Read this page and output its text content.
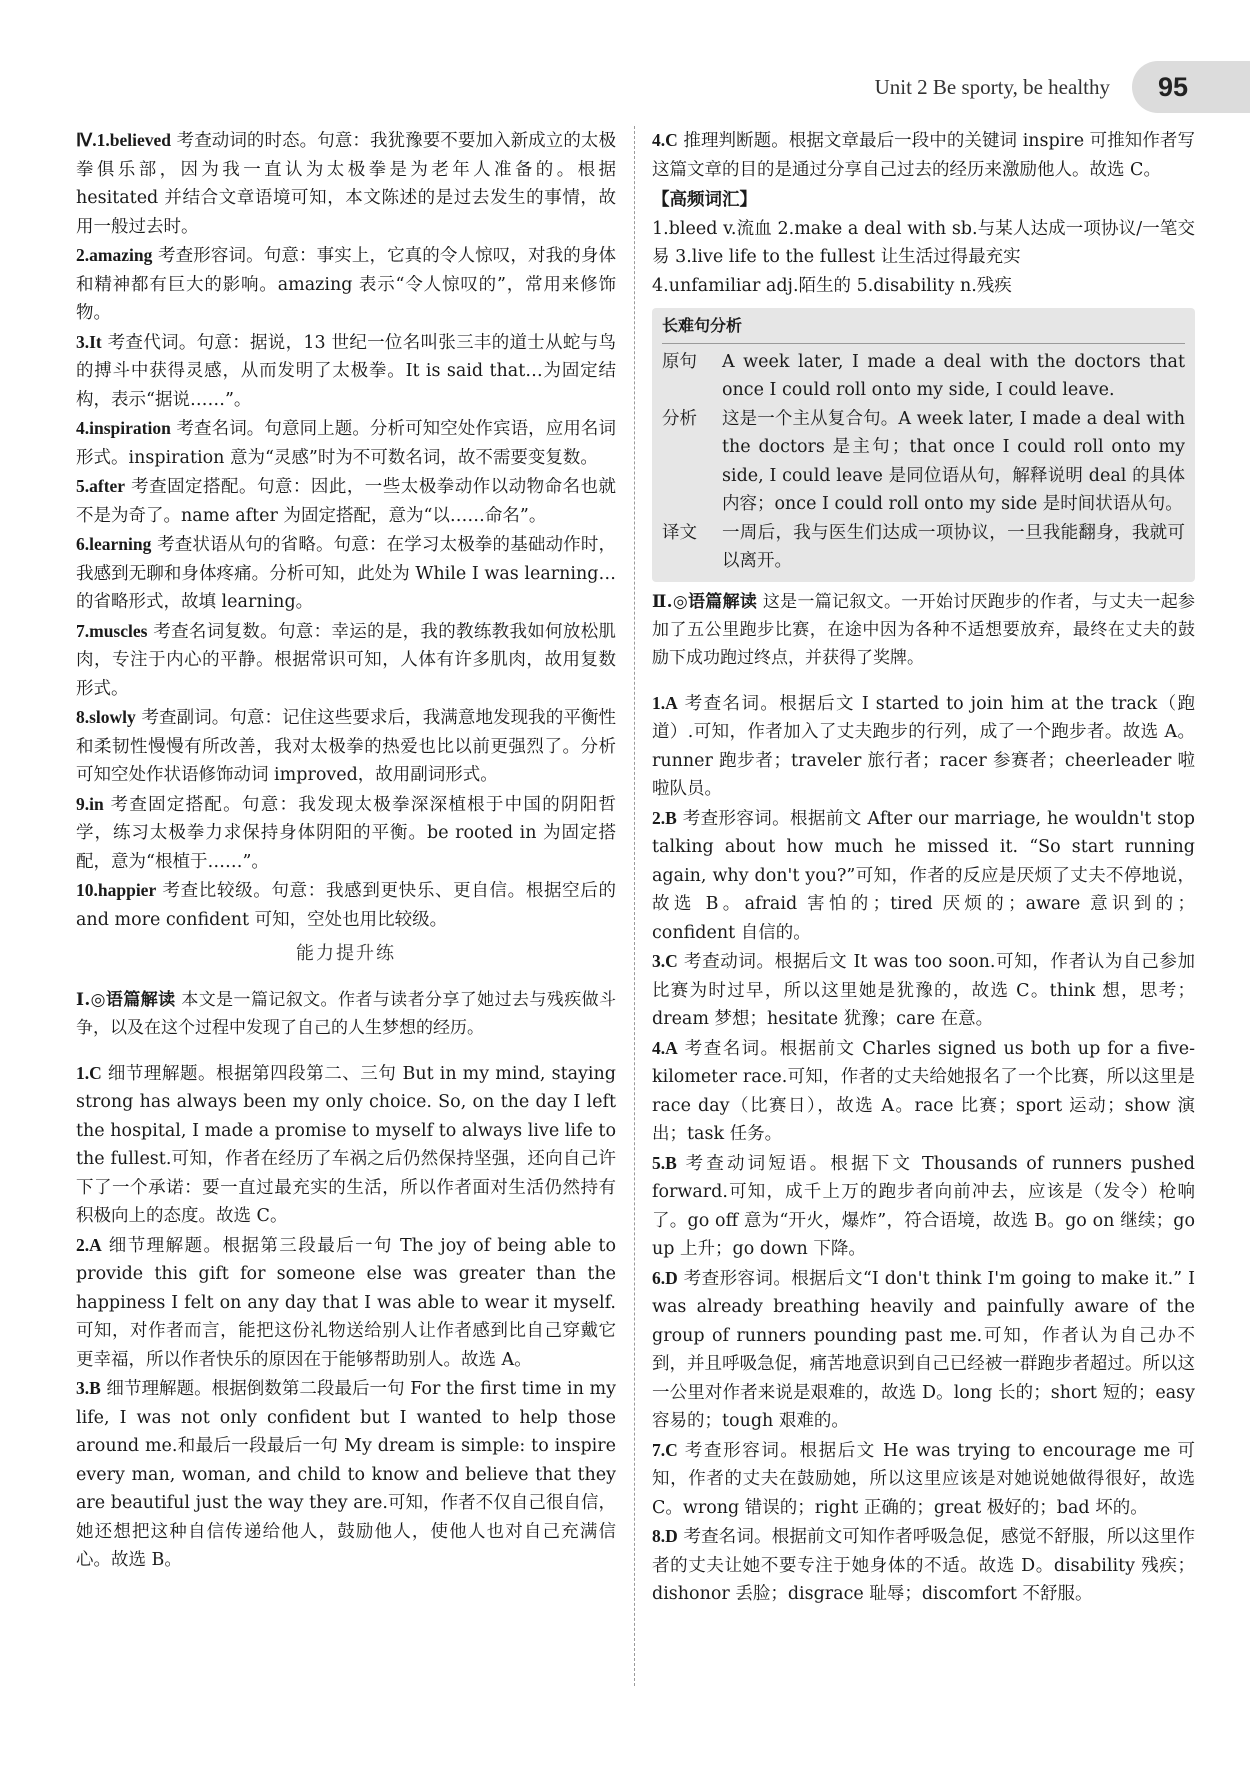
Unit 2 Be sporty, be healthy	95

Ⅳ.1.believed 考查动词的时态。句意：我犹豫要不要加入新成立的太极拳俱乐部，因为我一直认为太极拳是为老年人准备的。根据 hesitated 并结合文章语境可知，本文陈述的是过去发生的事情，故用一般过去时。

2.amazing 考查形容词。句意：事实上，它真的令人惊叹，对我的身体和精神都有巨大的影响。amazing 表示“令人惊叹的”，常用来修饰物。

3.It 考查代词。句意：据说，13 世纪一位名叫张三丰的道士从蛇与鸟的搏斗中获得灵感，从而发明了太极拳。It is said that…为固定结构，表示“据说……”。

4.inspiration 考查名词。句意同上题。分析可知空处作宾语，应用名词形式。inspiration 意为“灵感”时为不可数名词，故不需要变复数。

5.after 考查固定搭配。句意：因此，一些太极拳动作以动物命名也就不是为奇了。name after 为固定搭配，意为“以……命名”。

6.learning 考查状语从句的省略。句意：在学习太极拳的基础动作时，我感到无聊和身体疼痛。分析可知，此处为 While I was learning…的省略形式，故填 learning。

7.muscles 考查名词复数。句意：幸运的是，我的教练教我如何放松肌肉，专注于内心的平静。根据常识可知，人体有许多肌肉，故用复数形式。

8.slowly 考查副词。句意：记住这些要求后，我满意地发现我的平衡性和柔韧性慢慢有所改善，我对太极拳的热爱也比以前更强烈了。分析可知空处作状语修饰动词 improved，故用副词形式。

9.in 考查固定搭配。句意：我发现太极拳深深植根于中国的阴阳哲学，练习太极拳力求保持身体阴阳的平衡。be rooted in 为固定搭配，意为“根植于……”。

10.happier 考查比较级。句意：我感到更快乐、更自信。根据空后的 and more confident 可知，空处也用比较级。

能力提升练

Ⅰ.◎语篇解读 本文是一篇记叙文。作者与读者分享了她过去与残疾做斗争，以及在这个过程中发现了自己的人生梦想的经历。

1.C 细节理解题。根据第四段第二、三句 But in my mind, staying strong has always been my only choice. So, on the day I left the hospital, I made a promise to myself to always live life to the fullest.可知，作者在经历了车祸之后仍然保持坚强，还向自己许下了一个承诺：要一直过最充实的生活，所以作者面对生活仍然持有积极向上的态度。故选 C。

2.A 细节理解题。根据第三段最后一句 The joy of being able to provide this gift for someone else was greater than the happiness I felt on any day that I was able to wear it myself.可知，对作者而言，能把这份礼物送给别人让作者感到比自己穿戴它更幸福，所以作者快乐的原因在于能够帮助别人。故选 A。

3.B 细节理解题。根据倒数第二段最后一句 For the first time in my life, I was not only confident but I wanted to help those around me.和最后一段最后一句 My dream is simple: to inspire every man, woman, and child to know and believe that they are beautiful just the way they are.可知，作者不仅自己很自信，她还想把这种自信传递给他人，鼓励他人，使他人也对自己充满信心。故选 B。

4.C 推理判断题。根据文章最后一段中的关键词 inspire 可推知作者写这篇文章的目的是通过分享自己过去的经历来激励他人。故选 C。

【高频词汇】

1.bleed v.流血 2.make a deal with sb.与某人达成一项协议/一笔交易 3.live life to the fullest 让生活过得最充实

4.unfamiliar adj.陌生的 5.disability n.残疾

长难句分析
原句	A week later, I made a deal with the doctors that once I could roll onto my side, I could leave.
分析	这是一个主从复合句。A week later, I made a deal with the doctors 是主句；that once I could roll onto my side, I could leave 是同位语从句，解释说明 deal 的具体内容；once I could roll onto my side 是时间状语从句。
译文	一周后，我与医生们达成一项协议，一旦我能翻身，我就可以离开。

Ⅱ.◎语篇解读 这是一篇记叙文。一开始讨厌跑步的作者，与丈夫一起参加了五公里跑步比赛，在途中因为各种不适想要放弃，最终在丈夫的鼓励下成功跑过终点，并获得了奖牌。

1.A 考查名词。根据后文 I started to join him at the track（跑道）.可知，作者加入了丈夫跑步的行列，成了一个跑步者。故选 A。runner 跑步者；traveler 旅行者；racer 参赛者；cheerleader 啦啦队员。

2.B 考查形容词。根据前文 After our marriage, he wouldn't stop talking about how much he missed it. “So start running again, why don't you?”可知，作者的反应是厌烦了丈夫不停地说，故选 B。afraid 害怕的；tired 厌烦的；aware 意识到的；confident 自信的。

3.C 考查动词。根据后文 It was too soon.可知，作者认为自己参加比赛为时过早，所以这里她是犹豫的，故选 C。think 想，思考；dream 梦想；hesitate 犹豫；care 在意。

4.A 考查名词。根据前文 Charles signed us both up for a five-kilometer race.可知，作者的丈夫给她报名了一个比赛，所以这里是 race day（比赛日），故选 A。race 比赛；sport 运动；show 演出；task 任务。

5.B 考查动词短语。根据下文 Thousands of runners pushed forward.可知，成千上万的跑步者向前冲去，应该是（发令）枪响了。go off 意为“开火，爆炸”，符合语境，故选 B。go on 继续；go up 上升；go down 下降。

6.D 考查形容词。根据后文“I don't think I'm going to make it.” I was already breathing heavily and painfully aware of the group of runners pounding past me.可知，作者认为自己办不到，并且呼吸急促，痛苦地意识到自己已经被一群跑步者超过。所以这一公里对作者来说是艰难的，故选 D。long 长的；short 短的；easy 容易的；tough 艰难的。

7.C 考查形容词。根据后文 He was trying to encourage me 可知，作者的丈夫在鼓励她，所以这里应该是对她说她做得很好，故选 C。wrong 错误的；right 正确的；great 极好的；bad 坏的。

8.D 考查名词。根据前文可知作者呼吸急促，感觉不舒服，所以这里作者的丈夫让她不要专注于她身体的不适。故选 D。disability 残疾；dishonor 丢脸；disgrace 耻辱；discomfort 不舒服。
